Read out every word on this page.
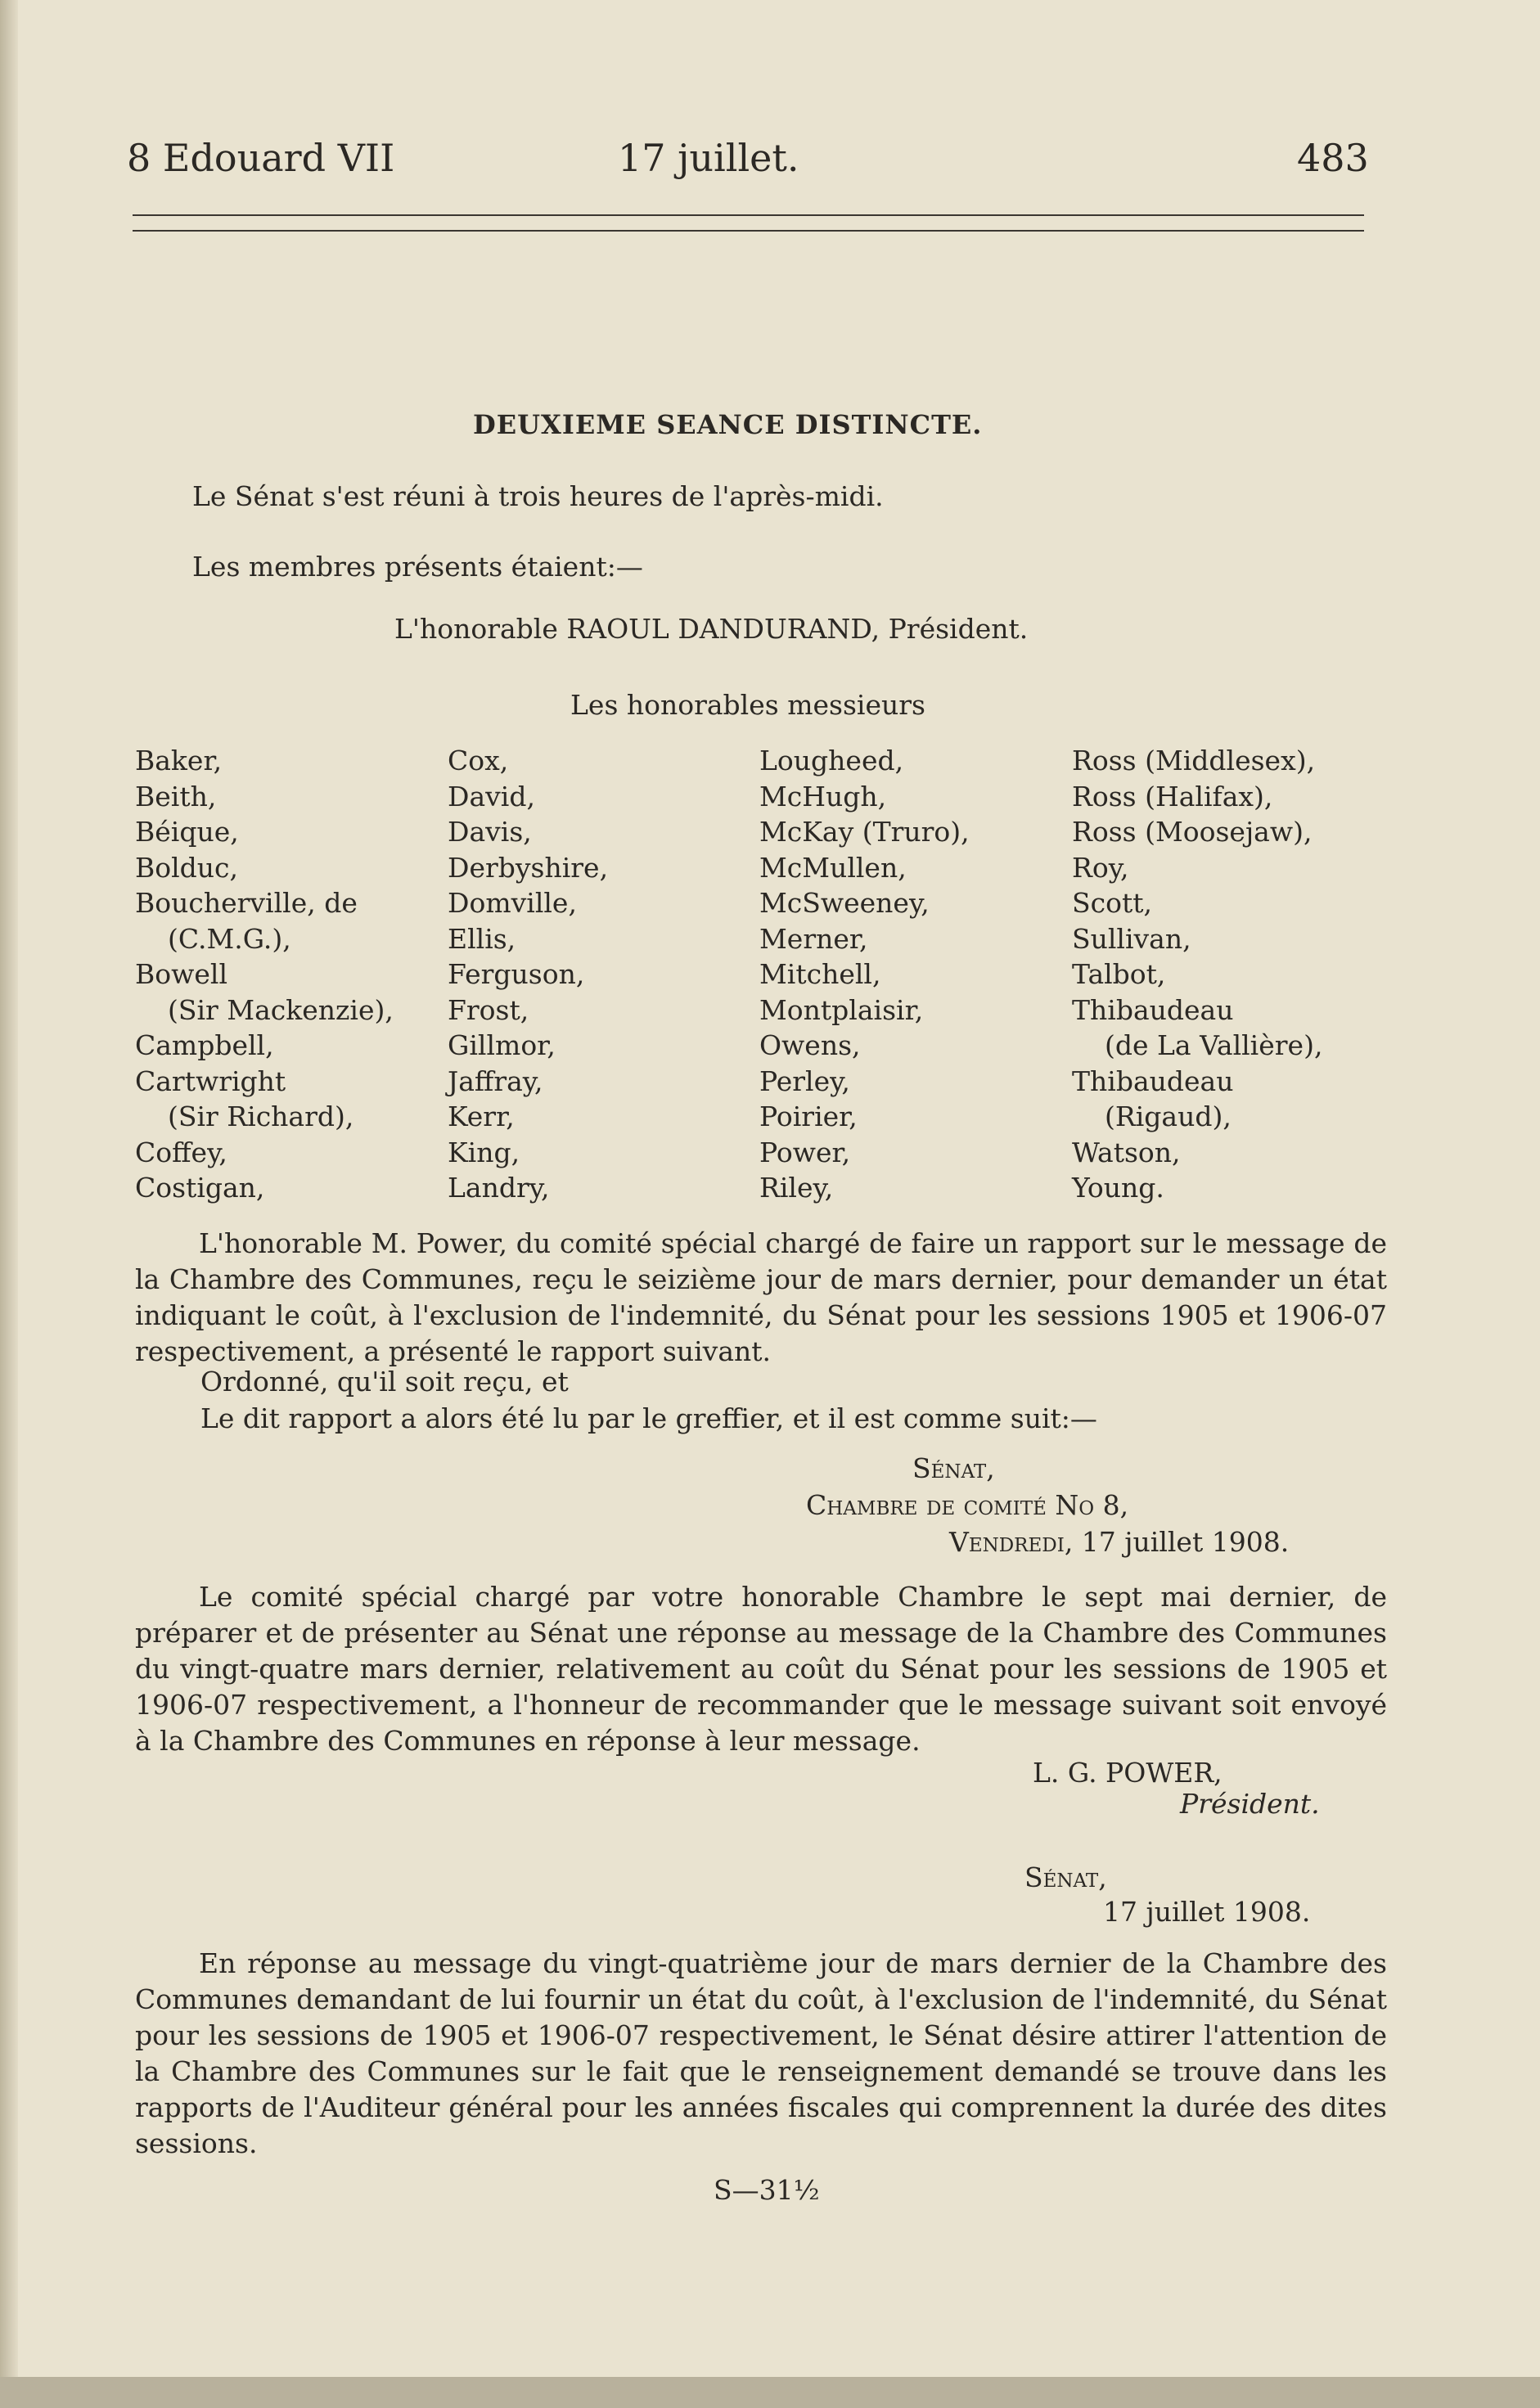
8 Edouard VII	17 juillet.	483
DEUXIEME SEANCE DISTINCTE.
Le Sénat s'est réuni à trois heures de l'après-midi.
Les membres présents étaient:—
L'honorable RAOUL DANDURAND, Président.
Les honorables messieurs
Baker,
Beith,
Béique,
Bolduc,
Boucherville, de
(C.M.G.),
Bowell
(Sir Mackenzie),
Campbell,
Cartwright
(Sir Richard),
Coffey,
Costigan,
Cox,
David,
Davis,
Derbyshire,
Domville,
Ellis,
Ferguson,
Frost,
Gillmor,
Jaffray,
Kerr,
King,
Landry,
Lougheed,
McHugh,
McKay (Truro),
McMullen,
McSweeney,
Merner,
Mitchell,
Montplaisir,
Owens,
Perley,
Poirier,
Power,
Riley,
Ross (Middlesex),
Ross (Halifax),
Ross (Moosejaw),
Roy,
Scott,
Sullivan,
Talbot,
Thibaudeau
(de La Vallière),
Thibaudeau
(Rigaud),
Watson,
Young.

L'honorable M. Power, du comité spécial chargé de faire un rapport sur le message de la Chambre des Communes, reçu le seizième jour de mars dernier, pour demander un état indiquant le coût, à l'exclusion de l'indemnité, du Sénat pour les sessions 1905 et 1906-07 respectivement, a présenté le rapport suivant.

Ordonné, qu'il soit reçu, et
Le dit rapport a alors été lu par le greffier, et il est comme suit:—
Sénat,
Chambre de comité No 8,
Vendredi, 17 juillet 1908.

Le comité spécial chargé par votre honorable Chambre le sept mai dernier, de préparer et de présenter au Sénat une réponse au message de la Chambre des Communes du vingt-quatre mars dernier, relativement au coût du Sénat pour les sessions de 1905 et 1906-07 respectivement, a l'honneur de recommander que le message suivant soit envoyé à la Chambre des Communes en réponse à leur message.

L. G. POWER,
Président.
Sénat,
17 juillet 1908.

En réponse au message du vingt-quatrième jour de mars dernier de la Chambre des Communes demandant de lui fournir un état du coût, à l'exclusion de l'indemnité, du Sénat pour les sessions de 1905 et 1906-07 respectivement, le Sénat désire attirer l'attention de la Chambre des Communes sur le fait que le renseignement demandé se trouve dans les rapports de l'Auditeur général pour les années fiscales qui comprennent la durée des dites sessions.

S—31½
